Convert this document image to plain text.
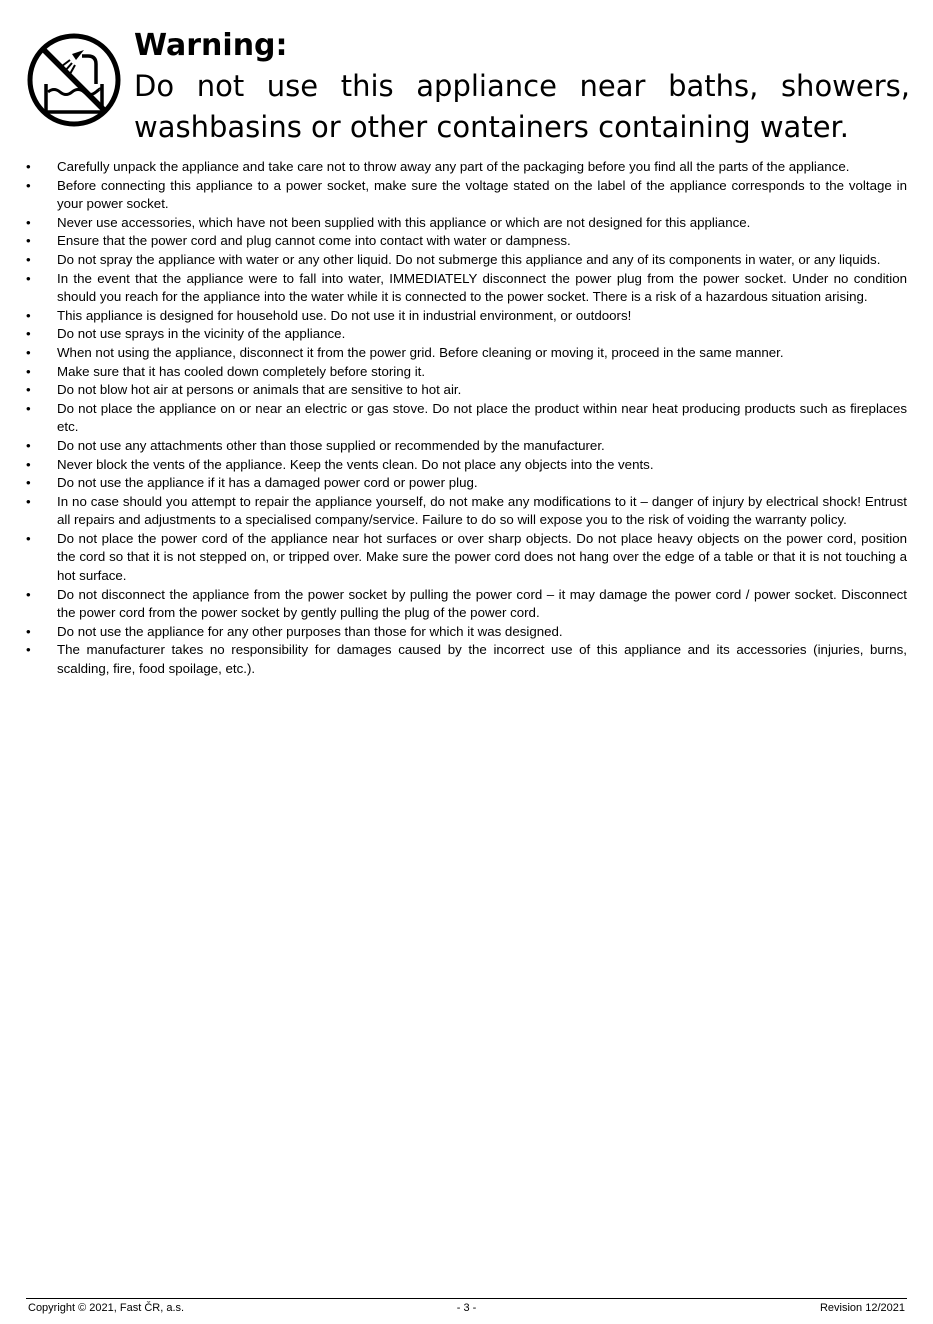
Warning:

Do not use this appliance near baths, showers, washbasins or other containers containing water.

•	Carefully unpack the appliance and take care not to throw away any part of the packaging before you find all the parts of the appliance.
•	Before connecting this appliance to a power socket, make sure the voltage stated on the label of the appliance corresponds to the voltage in your power socket.
•	Never use accessories, which have not been supplied with this appliance or which are not designed for this appliance.
•	Ensure that the power cord and plug cannot come into contact with water or dampness.
•	Do not spray the appliance with water or any other liquid. Do not submerge this appliance and any of its components in water, or any liquids.
•	In the event that the appliance were to fall into water, IMMEDIATELY disconnect the power plug from the power socket. Under no condition should you reach for the appliance into the water while it is connected to the power socket. There is a risk of a hazardous situation arising.
•	This appliance is designed for household use. Do not use it in industrial environment, or outdoors!
•	Do not use sprays in the vicinity of the appliance.
•	When not using the appliance, disconnect it from the power grid. Before cleaning or moving it, proceed in the same manner.
•	Make sure that it has cooled down completely before storing it.
•	Do not blow hot air at persons or animals that are sensitive to hot air.
•	Do not place the appliance on or near an electric or gas stove. Do not place the product within near heat producing products such as fireplaces etc.
•	Do not use any attachments other than those supplied or recommended by the manufacturer.
•	Never block the vents of the appliance. Keep the vents clean. Do not place any objects into the vents.
•	Do not use the appliance if it has a damaged power cord or power plug.
•	In no case should you attempt to repair the appliance yourself, do not make any modifications to it – danger of injury by electrical shock! Entrust all repairs and adjustments to a specialised company/service. Failure to do so will expose you to the risk of voiding the warranty policy.
•	Do not place the power cord of the appliance near hot surfaces or over sharp objects. Do not place heavy objects on the power cord, position the cord so that it is not stepped on, or tripped over. Make sure the power cord does not hang over the edge of a table or that it is not touching a hot surface.
•	Do not disconnect the appliance from the power socket by pulling the power cord – it may damage the power cord / power socket. Disconnect the power cord from the power socket by gently pulling the plug of the power cord.
•	Do not use the appliance for any other purposes than those for which it was designed.
•	The manufacturer takes no responsibility for damages caused by the incorrect use of this appliance and its accessories (injuries, burns, scalding, fire, food spoilage, etc.).
Copyright © 2021, Fast ČR, a.s.	- 3 -	Revision 12/2021
